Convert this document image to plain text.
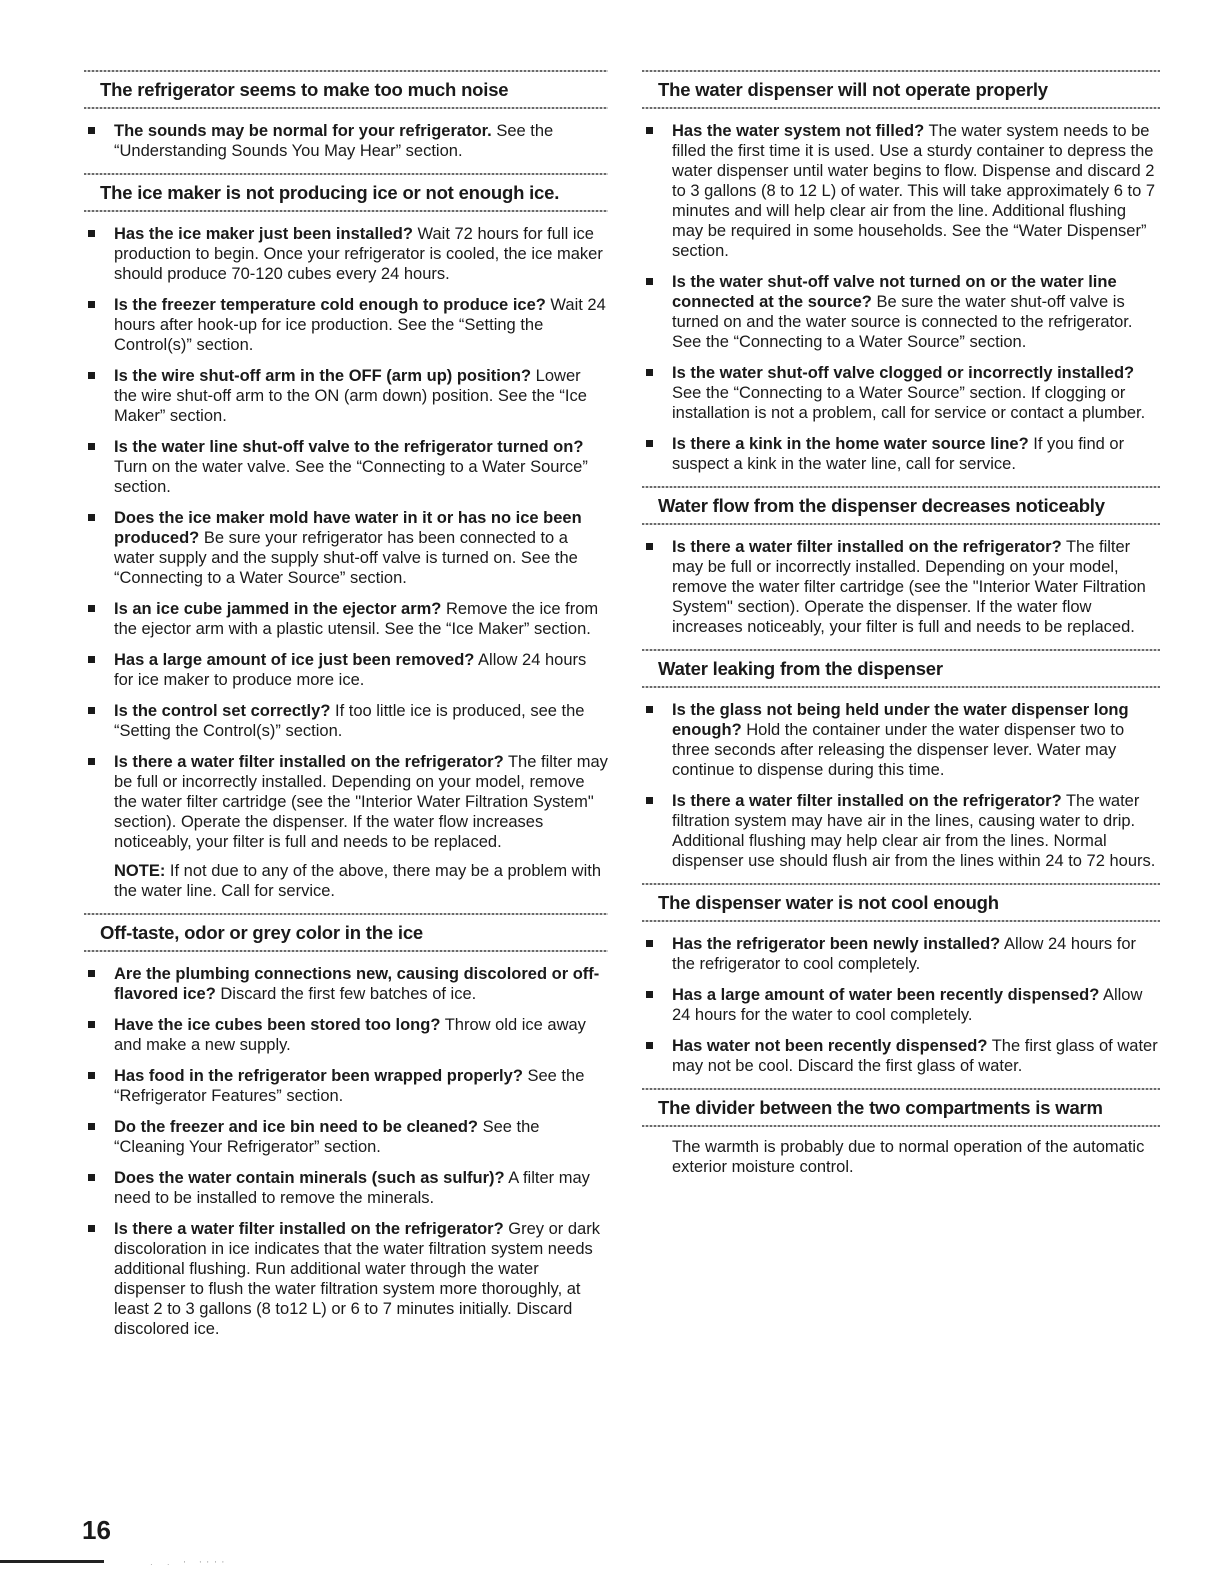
The refrigerator seems to make too much noise
The sounds may be normal for your refrigerator. See the “Understanding Sounds You May Hear” section.
The ice maker is not producing ice or not enough ice.
Has the ice maker just been installed? Wait 72 hours for full ice production to begin. Once your refrigerator is cooled, the ice maker should produce 70-120 cubes every 24 hours.
Is the freezer temperature cold enough to produce ice? Wait 24 hours after hook-up for ice production. See the “Setting the Control(s)” section.
Is the wire shut-off arm in the OFF (arm up) position? Lower the wire shut-off arm to the ON (arm down) position. See the “Ice Maker” section.
Is the water line shut-off valve to the refrigerator turned on? Turn on the water valve. See the “Connecting to a Water Source” section.
Does the ice maker mold have water in it or has no ice been produced? Be sure your refrigerator has been connected to a water supply and the supply shut-off valve is turned on. See the “Connecting to a Water Source” section.
Is an ice cube jammed in the ejector arm? Remove the ice from the ejector arm with a plastic utensil. See the “Ice Maker” section.
Has a large amount of ice just been removed? Allow 24 hours for ice maker to produce more ice.
Is the control set correctly? If too little ice is produced, see the “Setting the Control(s)” section.
Is there a water filter installed on the refrigerator? The filter may be full or incorrectly installed. Depending on your model, remove the water filter cartridge (see the "Interior Water Filtration System" section). Operate the dispenser. If the water flow increases noticeably, your filter is full and needs to be replaced.

NOTE: If not due to any of the above, there may be a problem with the water line. Call for service.

Off-taste, odor or grey color in the ice
Are the plumbing connections new, causing discolored or off-flavored ice? Discard the first few batches of ice.
Have the ice cubes been stored too long? Throw old ice away and make a new supply.
Has food in the refrigerator been wrapped properly? See the “Refrigerator Features” section.
Do the freezer and ice bin need to be cleaned? See the “Cleaning Your Refrigerator” section.
Does the water contain minerals (such as sulfur)? A filter may need to be installed to remove the minerals.
Is there a water filter installed on the refrigerator? Grey or dark discoloration in ice indicates that the water filtration system needs additional flushing. Run additional water through the water dispenser to flush the water filtration system more thoroughly, at least 2 to 3 gallons (8 to12 L) or 6 to 7 minutes initially. Discard discolored ice.
The water dispenser will not operate properly
Has the water system not filled? The water system needs to be filled the first time it is used. Use a sturdy container to depress the water dispenser until water begins to flow. Dispense and discard 2 to 3 gallons (8 to 12 L) of water. This will take approximately 6 to 7 minutes and will help clear air from the line. Additional flushing may be required in some households. See the “Water Dispenser” section.
Is the water shut-off valve not turned on or the water line connected at the source? Be sure the water shut-off valve is turned on and the water source is connected to the refrigerator. See the “Connecting to a Water Source” section.
Is the water shut-off valve clogged or incorrectly installed? See the “Connecting to a Water Source” section. If clogging or installation is not a problem, call for service or contact a plumber.
Is there a kink in the home water source line? If you find or suspect a kink in the water line, call for service.
Water flow from the dispenser decreases noticeably
Is there a water filter installed on the refrigerator? The filter may be full or incorrectly installed. Depending on your model, remove the water filter cartridge (see the "Interior Water Filtration System" section). Operate the dispenser. If the water flow increases noticeably, your filter is full and needs to be replaced.
Water leaking from the dispenser
Is the glass not being held under the water dispenser long enough? Hold the container under the water dispenser two to three seconds after releasing the dispenser lever. Water may continue to dispense during this time.
Is there a water filter installed on the refrigerator? The water filtration system may have air in the lines, causing water to drip. Additional flushing may help clear air from the lines. Normal dispenser use should flush air from the lines within 24 to 72 hours.
The dispenser water is not cool enough
Has the refrigerator been newly installed? Allow 24 hours for the refrigerator to cool completely.
Has a large amount of water been recently dispensed? Allow 24 hours for the water to cool completely.
Has water not been recently dispensed? The first glass of water may not be cool. Discard the first glass of water.
The divider between the two compartments is warm

The warmth is probably due to normal operation of the automatic exterior moisture control.

16
· · ' ''''
